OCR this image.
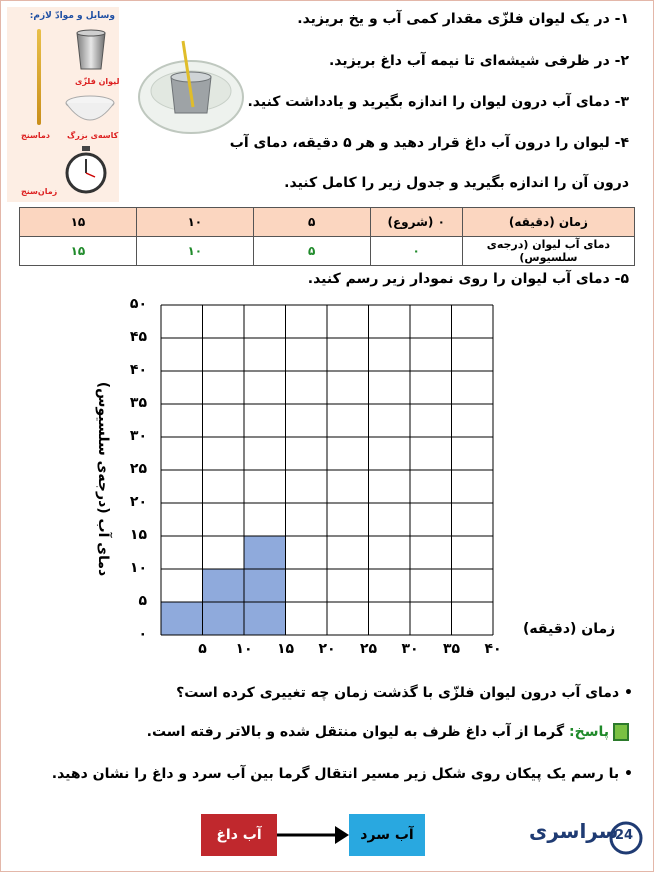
وسایل و موادّ لازم:
لیوان فلزّی
کاسه‌ی بزرگ
دماسنج
زمان‌سنج
۱- در یک لیوان فلزّی مقدار کمی آب و یخ بریزید.
۲- در ظرفی شیشه‌ای تا نیمه آب داغ بریزید.
۳- دمای آب درون لیوان را اندازه بگیرید و یادداشت کنید.
۴- لیوان را درون آب داغ قرار دهید و هر ۵ دقیقه، دمای آب
درون آن را اندازه بگیرید و جدول زیر را کامل کنید.
زمان (دقیقه)	۰ (شروع)	۵	۱۰	۱۵
دمای آب لیوان (درجه‌ی سلسیوس)	۰	۵	۱۰	۱۵
۵- دمای آب لیوان را روی نمودار زیر رسم کنید.
دمای آب (درجه‌ی سلسیوس)
زمان (دقیقه)
۰
۵
۱۰
۱۵
۲۰
۲۵
۳۰
۳۵
۴۰
۴۵
۵۰
۵	۱۰	۱۵	۲۰	۲۵	۳۰	۳۵	۴۰
• دمای آب درون لیوان فلزّی با گذشت زمان چه تغییری کرده است؟
پاسخ: گرما از آب داغ ظرف به لیوان منتقل شده و بالاتر رفته است.
• با رسم یک پیکان روی شکل زیر مسیر انتقال گرما بین آب سرد و داغ را نشان دهید.
آب داغ	آب سرد	سراسری
24
